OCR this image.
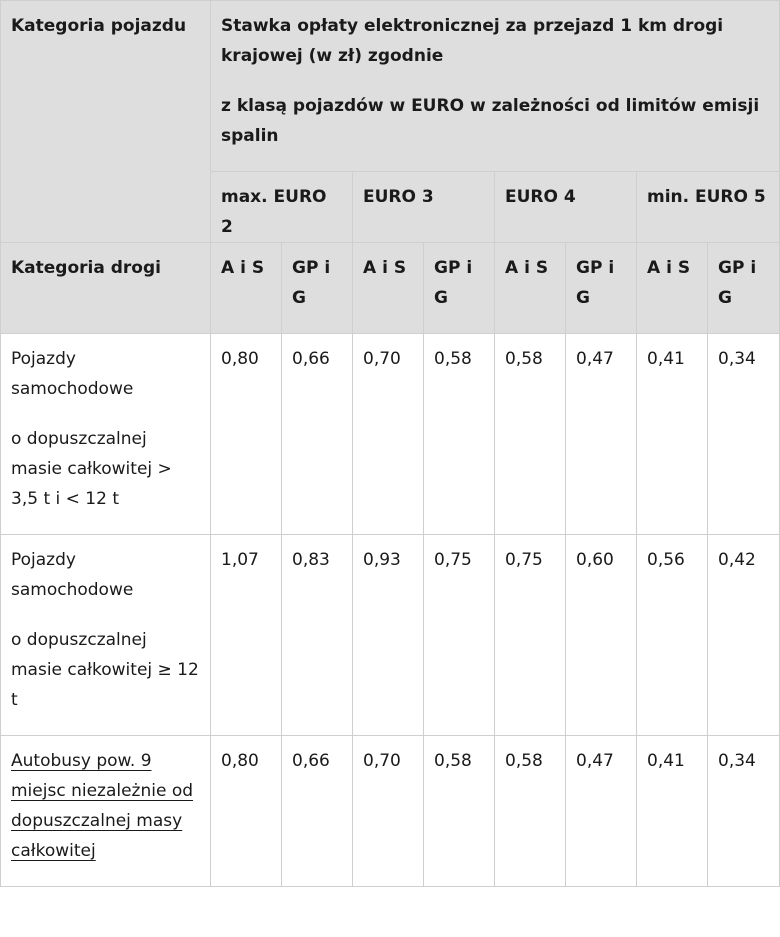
Kategoria pojazdu	Stawka opłaty elektronicznej za przejazd 1 km drogi krajowej (w zł) zgodnie

z klasą pojazdów w EURO w zależności od limitów emisji spalin							

	max. EURO 2		EURO 3		EURO 4		min. EURO 5	
Kategoria drogi	A i S	GP i G	A i S	GP i G	A i S	GP i G	A i S	GP i G

Pojazdy samochodowe

o dopuszczalnej masie całkowitej > 3,5 t i < 12 t	0,80	0,66	0,70	0,58	0,58	0,47	0,41	0,34

Pojazdy samochodowe

o dopuszczalnej masie całkowitej ≥ 12 t	1,07	0,83	0,93	0,75	0,75	0,60	0,56	0,42
Autobusy pow. 9 miejsc niezależnie od dopuszczalnej masy całkowitej	0,80	0,66	0,70	0,58	0,58	0,47	0,41	0,34
